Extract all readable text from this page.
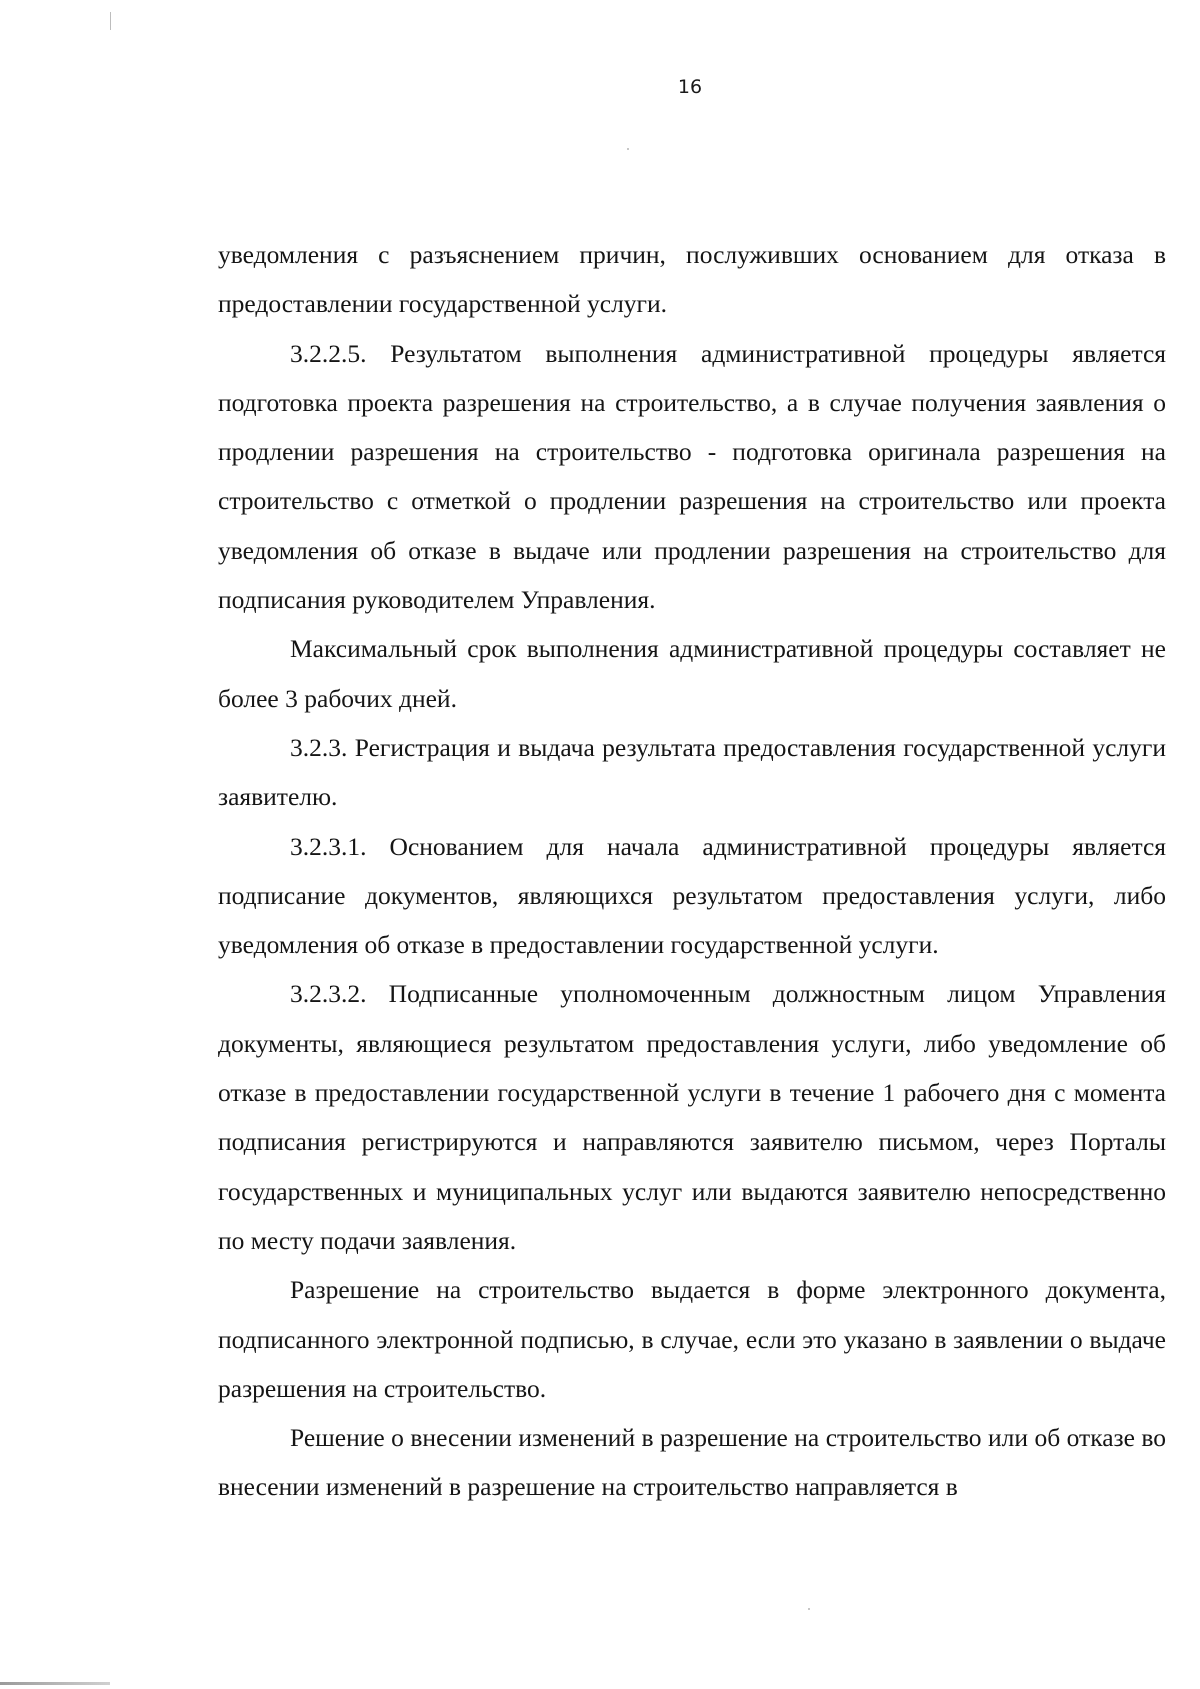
16

уведомления с разъяснением причин, послуживших основанием для отказа в предоставлении государственной услуги.

3.2.2.5. Результатом выполнения административной процедуры является подготовка проекта разрешения на строительство, а в случае получения заявления о продлении разрешения на строительство - подготовка оригинала разрешения на строительство с отметкой о продлении разрешения на строительство или проекта уведомления об отказе в выдаче или продлении разрешения на строительство для подписания руководителем Управления.

Максимальный срок выполнения административной процедуры составляет не более 3 рабочих дней.

3.2.3. Регистрация и выдача результата предоставления государственной услуги заявителю.

3.2.3.1. Основанием для начала административной процедуры является подписание документов, являющихся результатом предоставления услуги, либо уведомления об отказе в предоставлении государственной услуги.

3.2.3.2. Подписанные уполномоченным должностным лицом Управления документы, являющиеся результатом предоставления услуги, либо уведомление об отказе в предоставлении государственной услуги в течение 1 рабочего дня с момента подписания регистрируются и направляются заявителю письмом, через Порталы государственных и муниципальных услуг или выдаются заявителю непосредственно по месту подачи заявления.

Разрешение на строительство выдается в форме электронного документа, подписанного электронной подписью, в случае, если это указано в заявлении о выдаче разрешения на строительство.

Решение о внесении изменений в разрешение на строительство или об отказе во внесении изменений в разрешение на строительство направляется в
